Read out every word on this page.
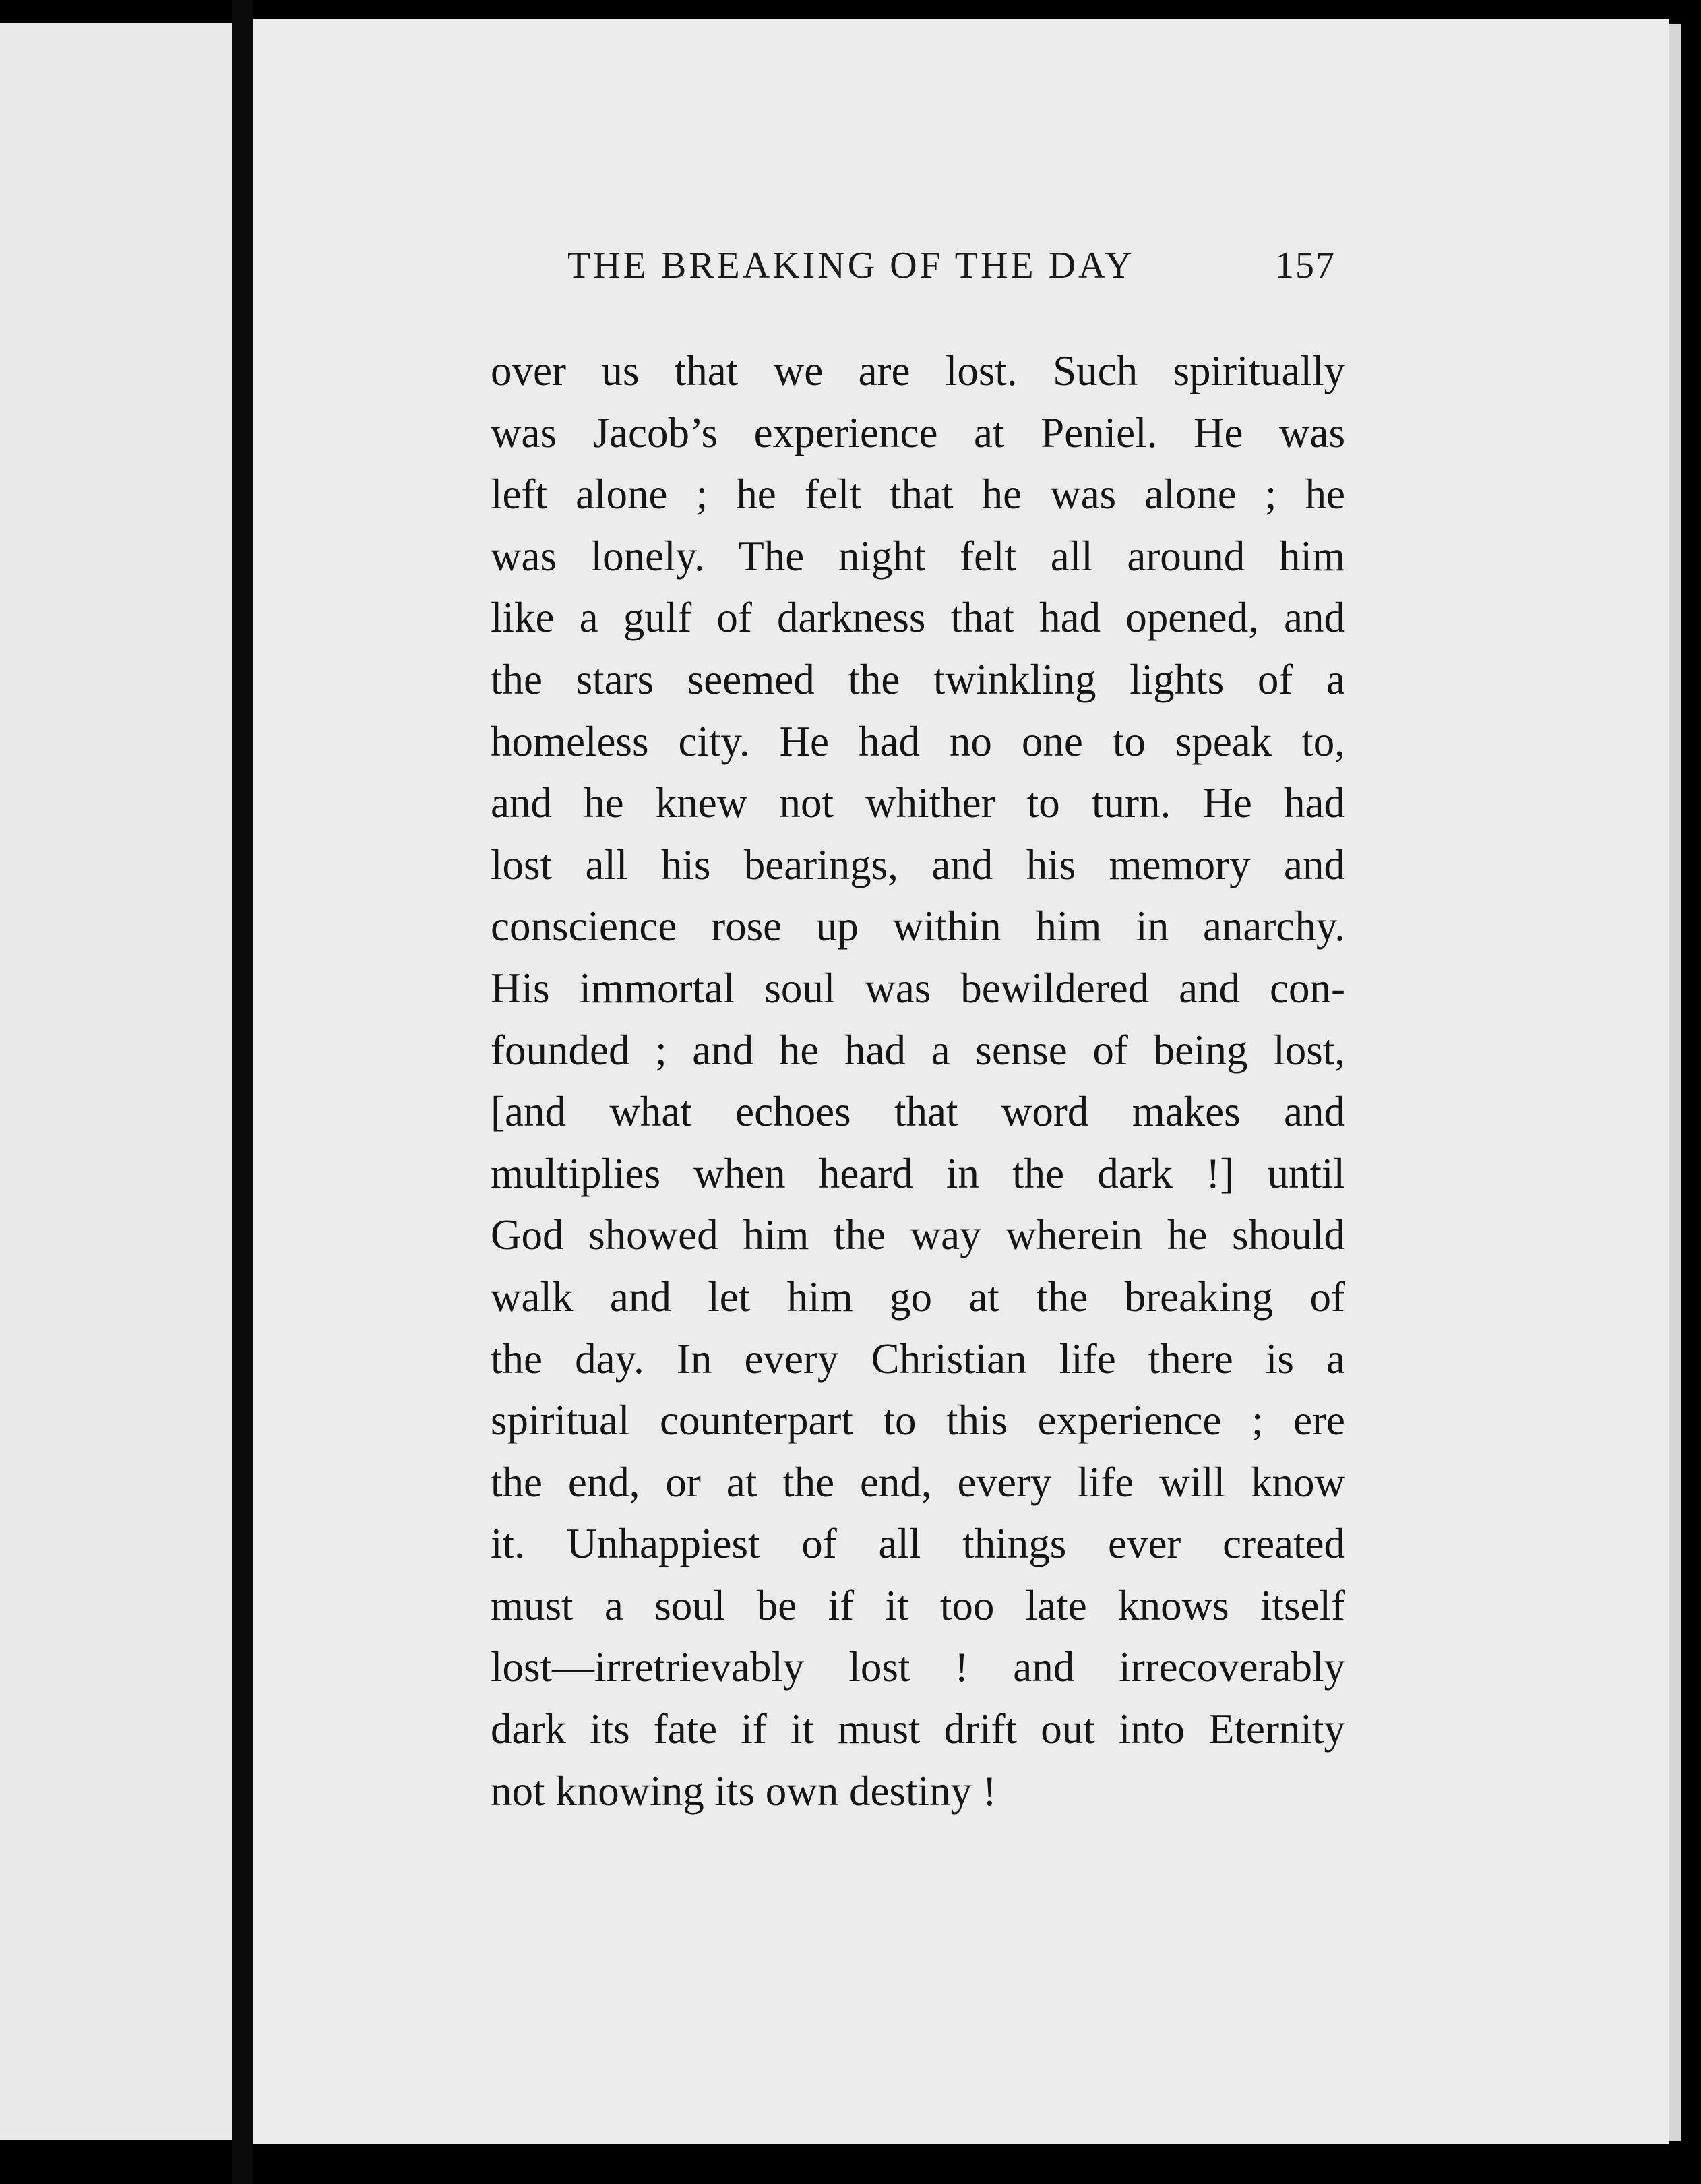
THE BREAKING OF THE DAY	157
over us that we are lost. Such spiritually
was Jacob’s experience at Peniel. He was
left alone ; he felt that he was alone ; he
was lonely. The night felt all around him
like a gulf of darkness that had opened, and
the stars seemed the twinkling lights of a
homeless city. He had no one to speak to,
and he knew not whither to turn. He had
lost all his bearings, and his memory and
conscience rose up within him in anarchy.
His immortal soul was bewildered and con-
founded ; and he had a sense of being lost,
[and what echoes that word makes and
multiplies when heard in the dark !] until
God showed him the way wherein he should
walk and let him go at the breaking of
the day. In every Christian life there is a
spiritual counterpart to this experience ; ere
the end, or at the end, every life will know
it. Unhappiest of all things ever created
must a soul be if it too late knows itself
lost—irretrievably lost ! and irrecoverably
dark its fate if it must drift out into Eternity
not knowing its own destiny !
